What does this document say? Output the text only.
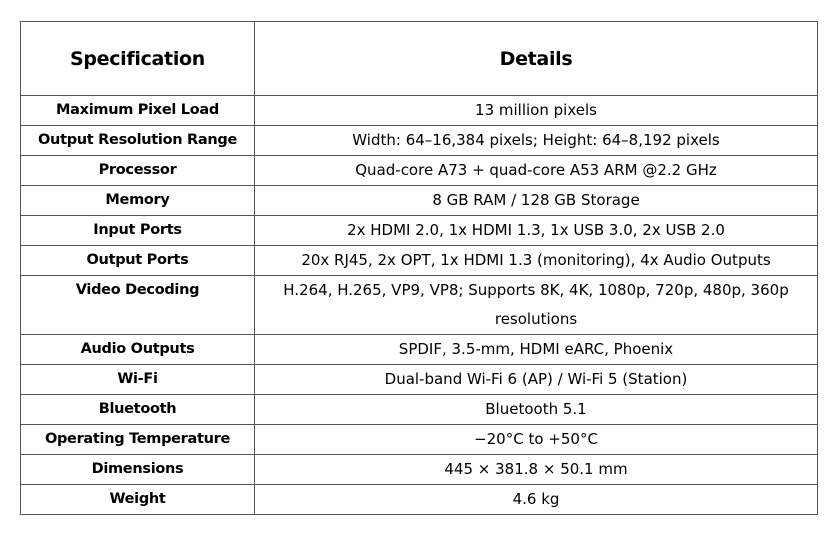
Specification	Details
Maximum Pixel Load	13 million pixels
Output Resolution Range	Width: 64–16,384 pixels; Height: 64–8,192 pixels
Processor	Quad-core A73 + quad-core A53 ARM @2.2 GHz
Memory	8 GB RAM / 128 GB Storage
Input Ports	2x HDMI 2.0, 1x HDMI 1.3, 1x USB 3.0, 2x USB 2.0
Output Ports	20x RJ45, 2x OPT, 1x HDMI 1.3 (monitoring), 4x Audio Outputs
Video Decoding	H.264, H.265, VP9, VP8; Supports 8K, 4K, 1080p, 720p, 480p, 360p resolutions
Audio Outputs	SPDIF, 3.5-mm, HDMI eARC, Phoenix
Wi-Fi	Dual-band Wi-Fi 6 (AP) / Wi-Fi 5 (Station)
Bluetooth	Bluetooth 5.1
Operating Temperature	−20°C to +50°C
Dimensions	445 × 381.8 × 50.1 mm
Weight	4.6 kg
